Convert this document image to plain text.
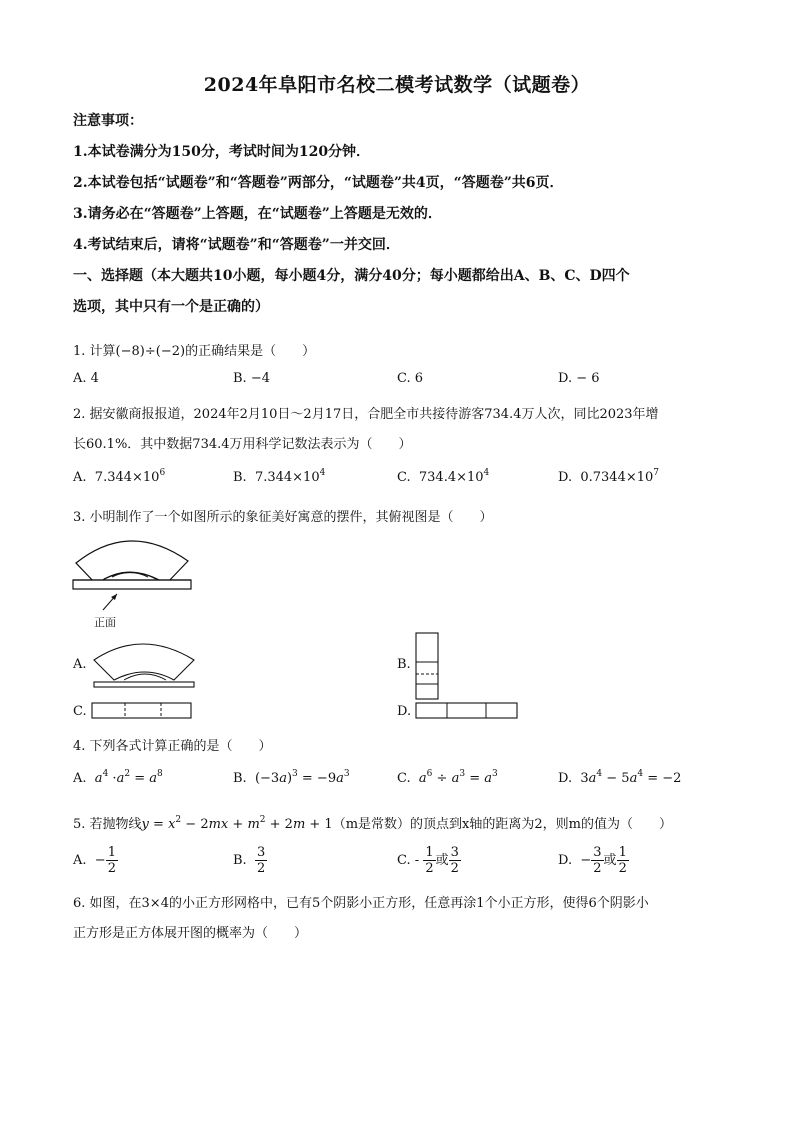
2024年阜阳市名校二模考试数学（试题卷）
注意事项：
1.本试卷满分为150分，考试时间为120分钟．
2.本试卷包括“试题卷”和“答题卷”两部分，“试题卷”共4页，“答题卷”共6页．
3.请务必在“答题卷”上答题，在“试题卷”上答题是无效的．
4.考试结束后，请将“试题卷”和“答题卷”一并交回．
一、选择题（本大题共10小题，每小题4分，满分40分；每小题都给出A、B、C、D四个
选项，其中只有一个是正确的）
1. 计算(−8)÷(−2)的正确结果是（　　）
A. 4	B. −4	C. 6	D. − 6
2. 据安徽商报报道，2024年2月10日～2月17日，合肥全市共接待游客734.4万人次，同比2023年增
长60.1%．其中数据734.4万用科学记数法表示为（　　）
A. $7.344\times 10^6$	B. $7.344\times 10^4$	C. $734.4\times 10^4$	D. $0.7344\times 10^7$
3. 小明制作了一个如图所示的象征美好寓意的摆件，其俯视图是（　　）
正面
A.	B.
C.	D.
4. 下列各式计算正确的是（　　）
A. $a^4 \cdot a^2 = a^8$	B.  $(-3a)^3 = -9a^3$	C. $a^6 \div a^3 = a^3$	D.  $3a^4 - 5a^4 = -2$
5. 若抛物线$y = x^2 - 2mx + m^2 + 2m + 1(m$是常数）的顶点到x轴的距离为2，则m的值为（　　）
A. − $\frac{1}{2}$	B. $\frac{3}{2}$	C. - $\frac{1}{2}$ 或 $\frac{3}{2}$	D. − $\frac{3}{2}$ 或 $\frac{1}{2}$
6. 如图，在3×4的小正方形网格中，已有5个阴影小正方形，任意再涂1个小正方形，使得6个阴影小
正方形是正方体展开图的概率为（　　）
